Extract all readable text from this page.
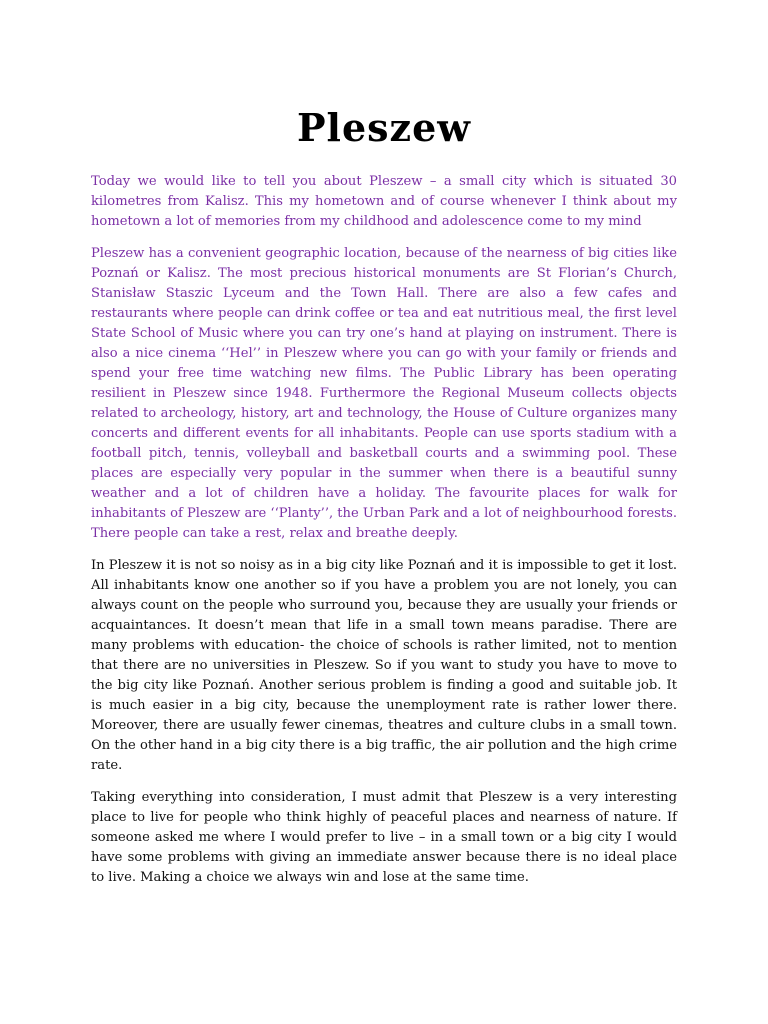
Pleszew

Today we would like to tell you about Pleszew – a small city which is situated 30 kilometres from Kalisz. This my hometown and of course whenever I think about my hometown a lot of memories from my childhood and adolescence come to my mind

Pleszew has a convenient geographic location, because of the nearness of big cities like Poznań or Kalisz. The most precious historical monuments are St Florian’s Church, Stanisław Staszic Lyceum and the Town Hall. There are also a few cafes and restaurants where people can drink coffee or tea and eat nutritious meal, the first level State School of Music where you can try one’s hand at playing on instrument. There is also a nice cinema ‘‘Hel’’ in Pleszew where you can go with your family or friends and spend your free time watching new films. The Public Library has been operating resilient in Pleszew since 1948. Furthermore the Regional Museum collects objects related to archeology, history, art and technology, the House of Culture organizes many concerts and different events for all inhabitants. People can use sports stadium with a football pitch, tennis, volleyball and basketball courts and a swimming pool. These places are especially very popular in the summer when there is a beautiful sunny weather and a lot of children have a holiday. The favourite places for walk for inhabitants of Pleszew are ‘‘Planty’’, the Urban Park and a lot of neighbourhood forests. There people can take a rest, relax and breathe deeply.

In Pleszew it is not so noisy as in a big city like Poznań and it is impossible to get it lost. All inhabitants know one another so if you have a problem you are not lonely, you can always count on the people who surround you, because they are usually your friends or acquaintances. It doesn’t mean that life in a small town means paradise. There are many problems with education- the choice of schools is rather limited, not to mention that there are no universities in Pleszew. So if you want to study you have to move to the big city like Poznań. Another serious problem is finding a good and suitable job. It is much easier in a big city, because the unemployment rate is rather lower there. Moreover, there are usually fewer cinemas, theatres and culture clubs in a small town. On the other hand in a big city there is a big traffic, the air pollution and the high crime rate.

Taking everything into consideration, I must admit that Pleszew is a very interesting place to live for people who think highly of peaceful places and nearness of nature. If someone asked me where I would prefer to live – in a small town or a big city I would have some problems with giving an immediate answer because there is no ideal place to live. Making a choice we always win and lose at the same time.
